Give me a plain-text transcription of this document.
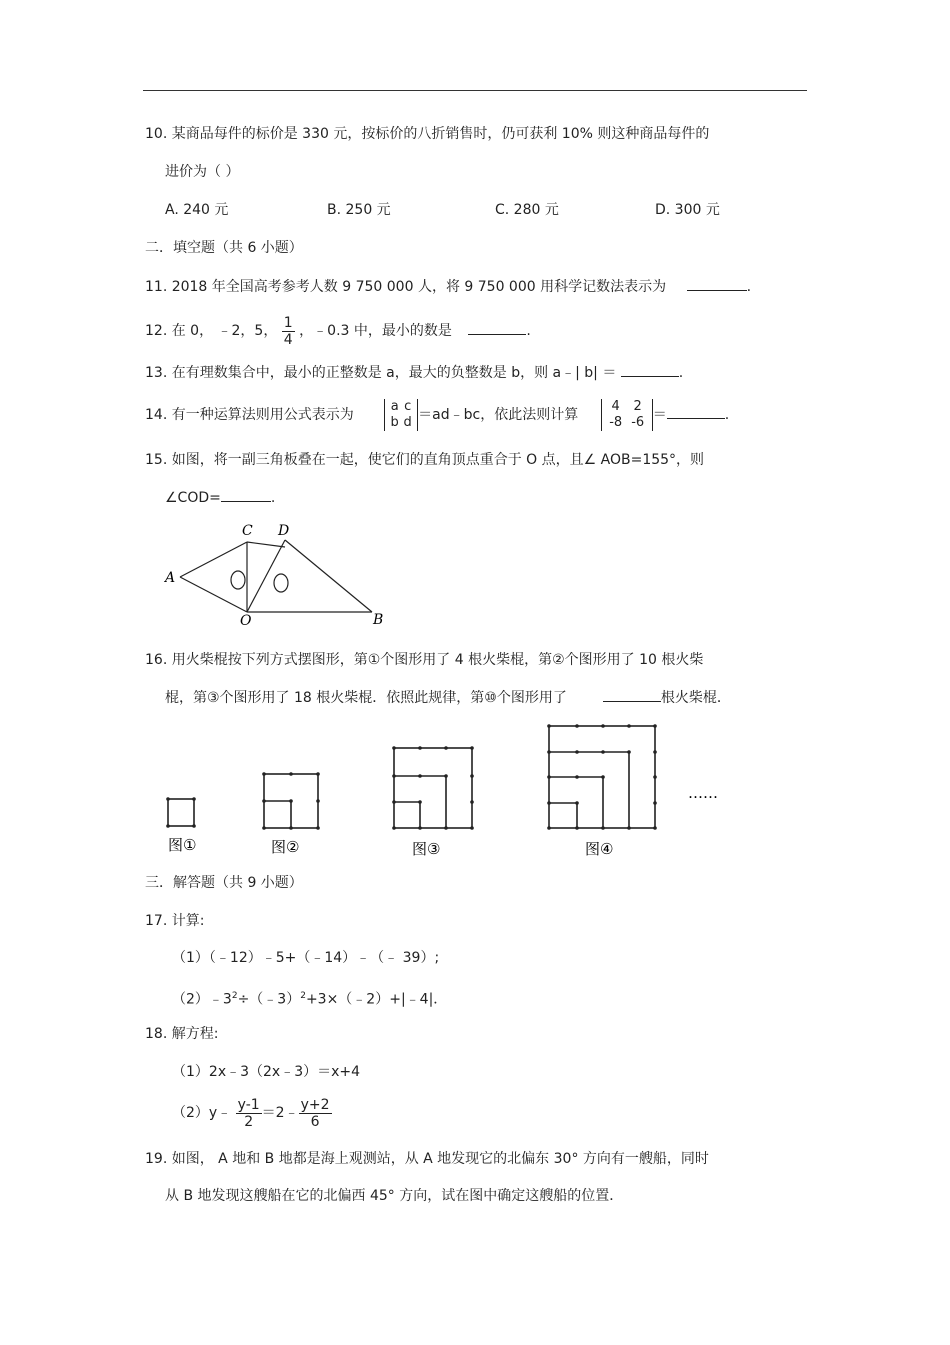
10. 某商品每件的标价是 330 元，按标价的八折销售时，仍可获利 10% 则这种商品每件的
进价为（ ）
A. 240 元	B. 250 元	C. 280 元	D. 300 元
二．填空题（共 6 小题）
11. 2018 年全国高考参考人数 9 750 000 人，将 9 750 000 用科学记数法表示为	.
12. 在 0， ﹣2，5， $\frac{1}{4}$ ，﹣0.3 中，最小的数是	.
13. 在有理数集合中，最小的正整数是 a，最大的负整数是 b，则 a﹣| b| ＝	.
14. 有一种运算法则用公式表示为 a c
b d ＝ad﹣bc，依此法则计算 4 2
-8 -6 ＝	.
15. 如图，将一副三角板叠在一起，使它们的直角顶点重合于 O 点，且∠ AOB=155°，则
∠COD=	.
A
C D
O	B
16. 用火柴棍按下列方式摆图形，第①个图形用了 4 根火柴棍，第②个图形用了 10 根火柴
棍，第③个图形用了 18 根火柴棍．依照此规律，第⑩个图形用了	根火柴棍．
图①	图②	图③	图④
……
三．解答题（共 9 小题）
17. 计算:
（1）（﹣12）﹣5+（﹣14）﹣（﹣ 39）;
$(2)﹣3^2\div(﹣3)^2+3\times(﹣2)+|﹣4|$．
18. 解方程:
（1）2x﹣3（2x﹣3）＝x+4
（2）y﹣ $\frac{y-1}{2}$ ＝2﹣ $\frac{y+2}{6}$
19. 如图， A 地和 B 地都是海上观测站，从 A 地发现它的北偏东 30° 方向有一艘船，同时
从 B 地发现这艘船在它的北偏西 45° 方向，试在图中确定这艘船的位置．
